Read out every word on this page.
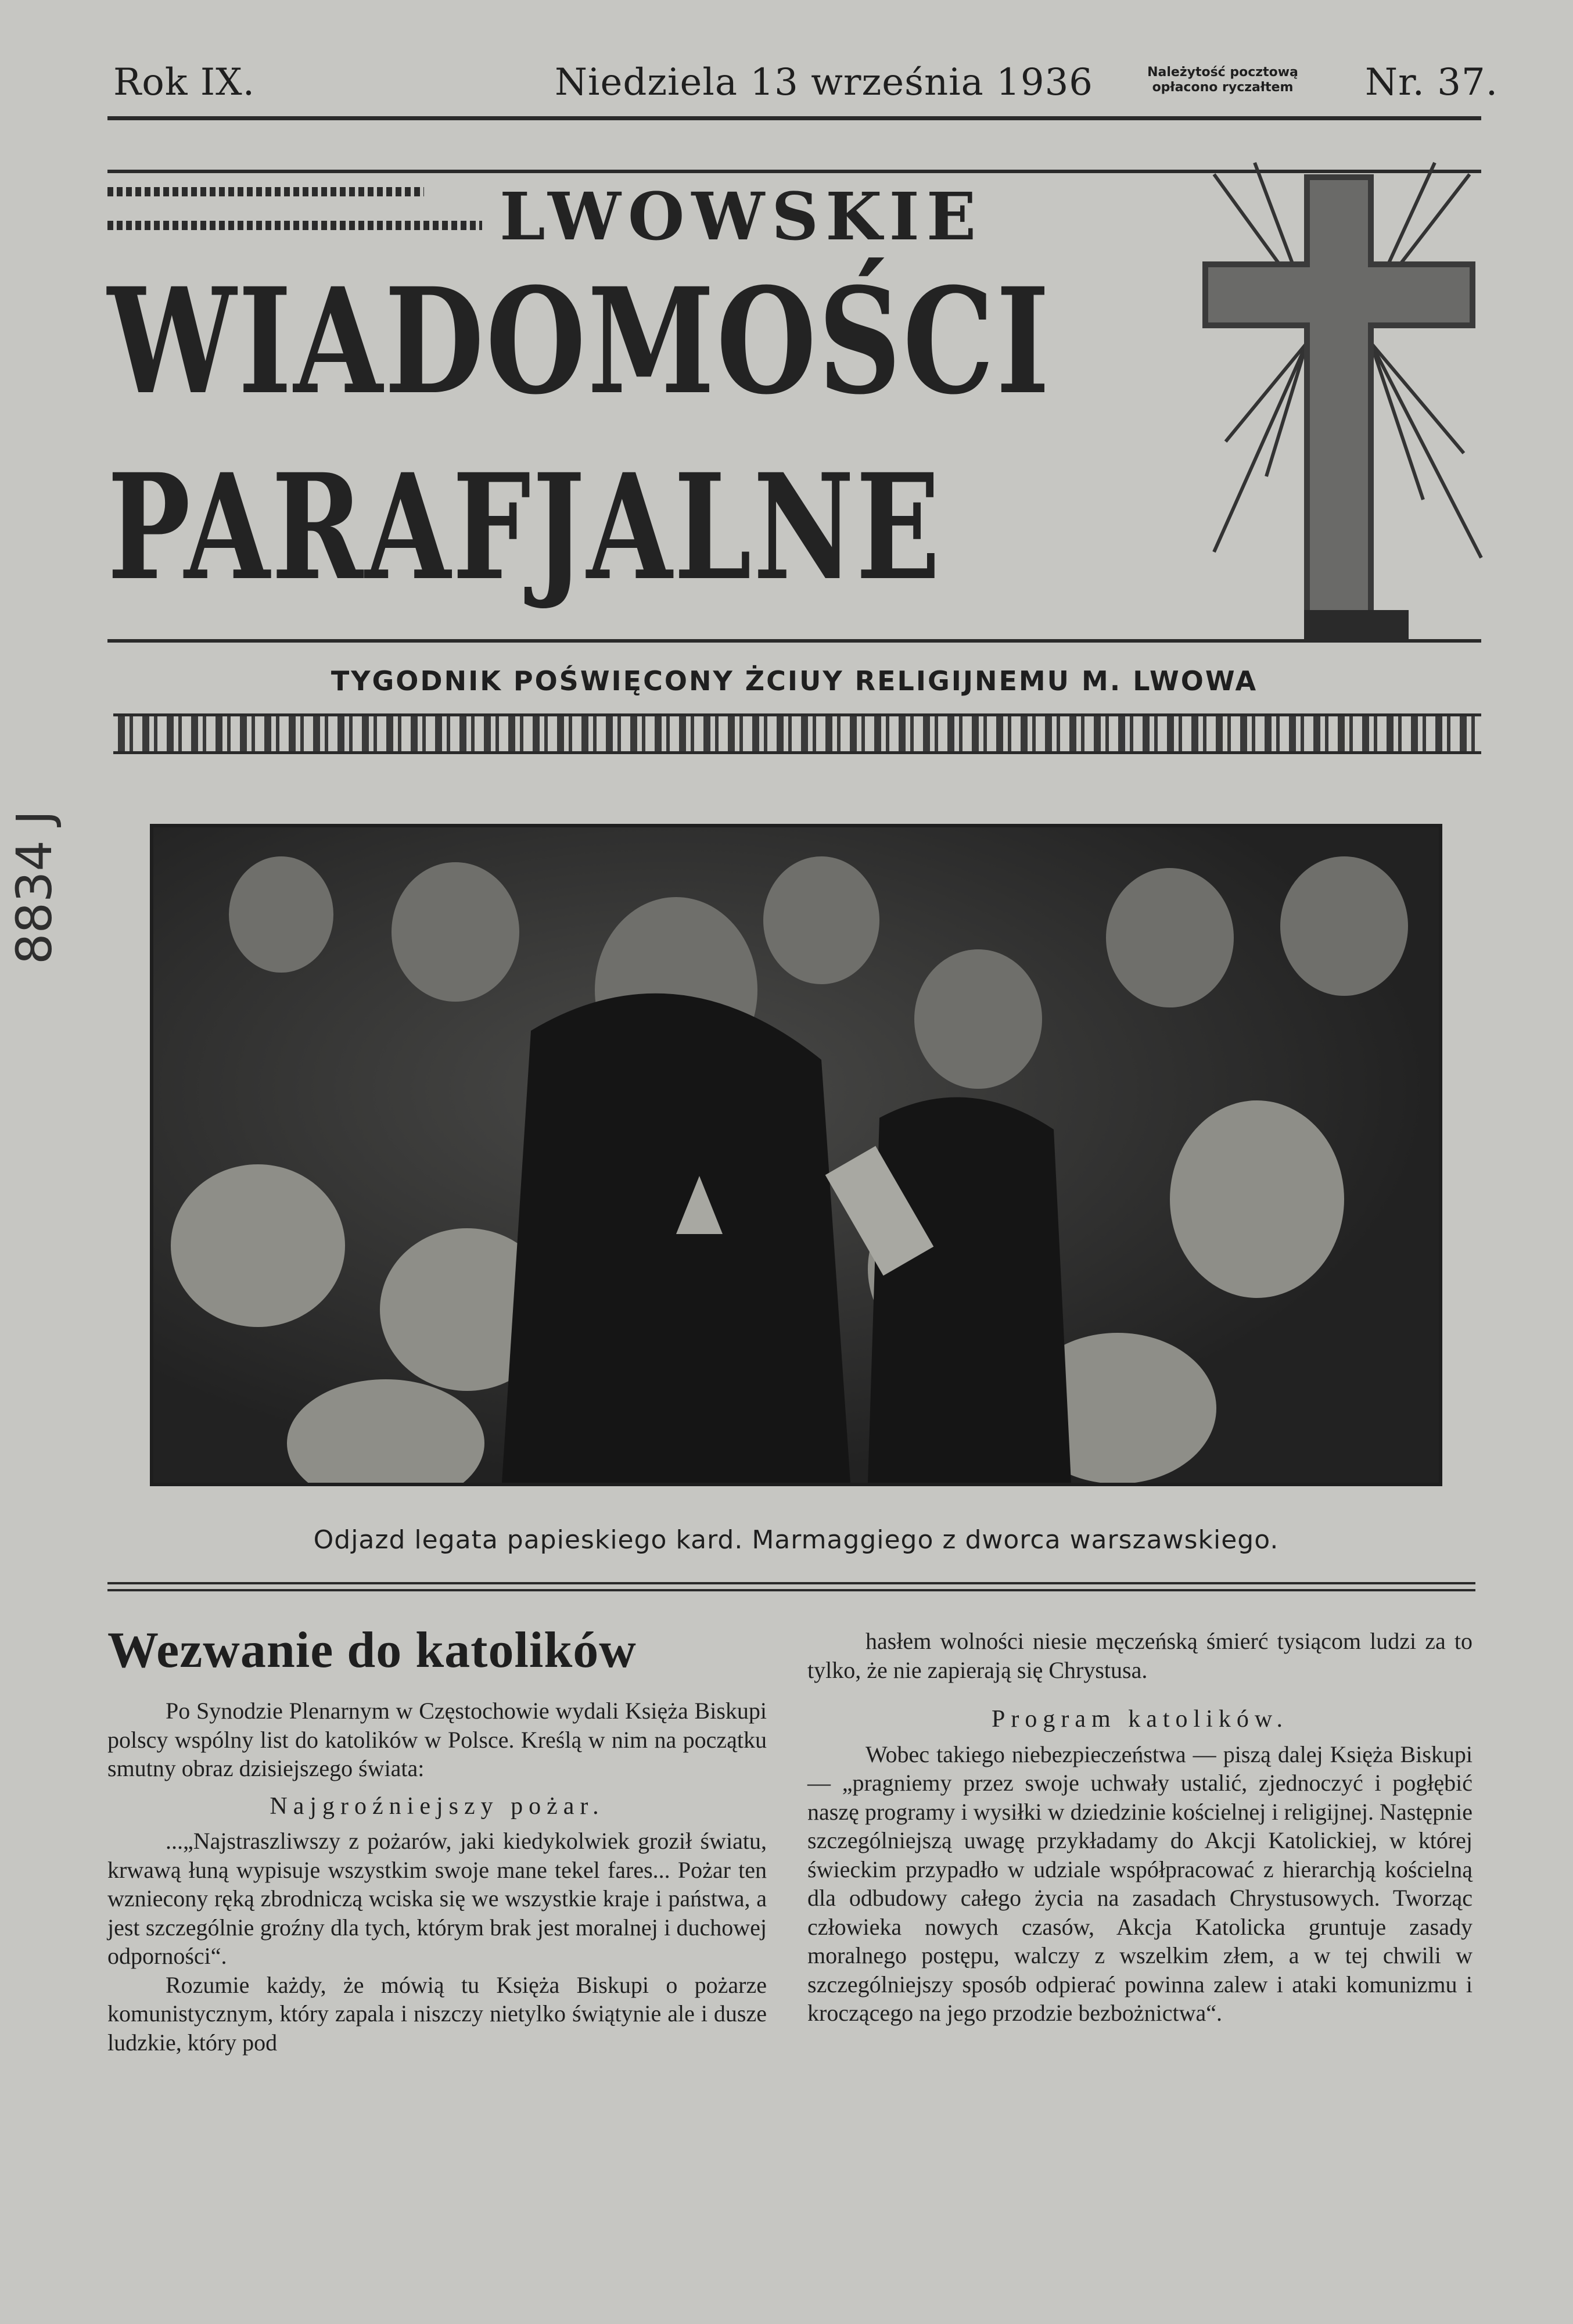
Rok IX.	Niedziela 13 września 1936	Należytość pocztową
opłacono ryczałtem	Nr. 37.
LWOWSKIE
WIADOMOŚCI
PARAFJALNE
TYGODNIK POŚWIĘCONY ŻCIUY RELIGIJNEMU M. LWOWA
8834 J
Odjazd legata papieskiego kard. Marmaggiego z dworca warszawskiego.
Wezwanie do katolików

Po Synodzie Plenarnym w Częstochowie wydali Księża Biskupi polscy wspólny list do katolików w Polsce. Kreślą w nim na początku smutny obraz dzisiejszego świata:

Najgroźniejszy pożar.

...„Najstraszliwszy z pożarów, jaki kiedykolwiek groził światu, krwawą łuną wypisuje wszystkim swoje mane tekel fares... Pożar ten wzniecony ręką zbrodniczą wciska się we wszystkie kraje i państwa, a jest szczególnie groźny dla tych, którym brak jest moralnej i duchowej odporności“.

Rozumie każdy, że mówią tu Księża Biskupi o pożarze komunistycznym, który zapala i niszczy nietylko świątynie ale i dusze ludzkie, który pod

hasłem wolności niesie męczeńską śmierć tysiącom ludzi za to tylko, że nie zapierają się Chrystusa.

Program katolików.

Wobec takiego niebezpieczeństwa — piszą dalej Księża Biskupi — „pragniemy przez swoje uchwały ustalić, zjednoczyć i pogłębić naszę programy i wysiłki w dziedzinie kościelnej i religijnej. Następnie szczególniejszą uwagę przykładamy do Akcji Katolickiej, w której świeckim przypadło w udziale współpracować z hierarchją kościelną dla odbudowy całego życia na zasadach Chrystusowych. Tworząc człowieka nowych czasów, Akcja Katolicka gruntuje zasady moralnego postępu, walczy z wszelkim złem, a w tej chwili w szczególniejszy sposób odpierać powinna zalew i ataki komunizmu i kroczącego na jego przodzie bezbożnictwa“.
